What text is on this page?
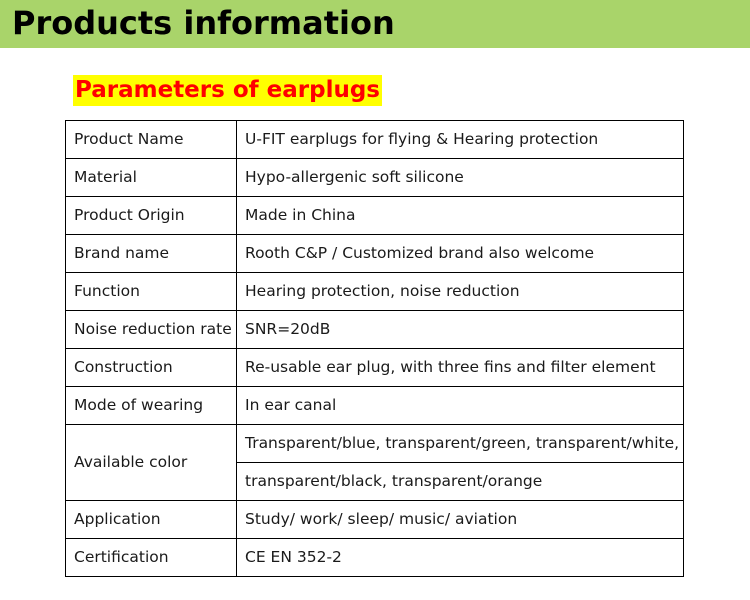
Products information
Parameters of earplugs
Product Name	U-FIT earplugs for flying & Hearing protection
Material	Hypo-allergenic soft silicone
Product Origin	Made in China
Brand name	Rooth C&P / Customized brand also welcome
Function	Hearing protection, noise reduction
Noise reduction rate	SNR=20dB
Construction	Re-usable ear plug, with three fins and filter element
Mode of wearing	In ear canal
Available color	Transparent/blue, transparent/green, transparent/white,
	transparent/black, transparent/orange
Application	Study/ work/ sleep/ music/ aviation
Certification	CE EN 352-2
